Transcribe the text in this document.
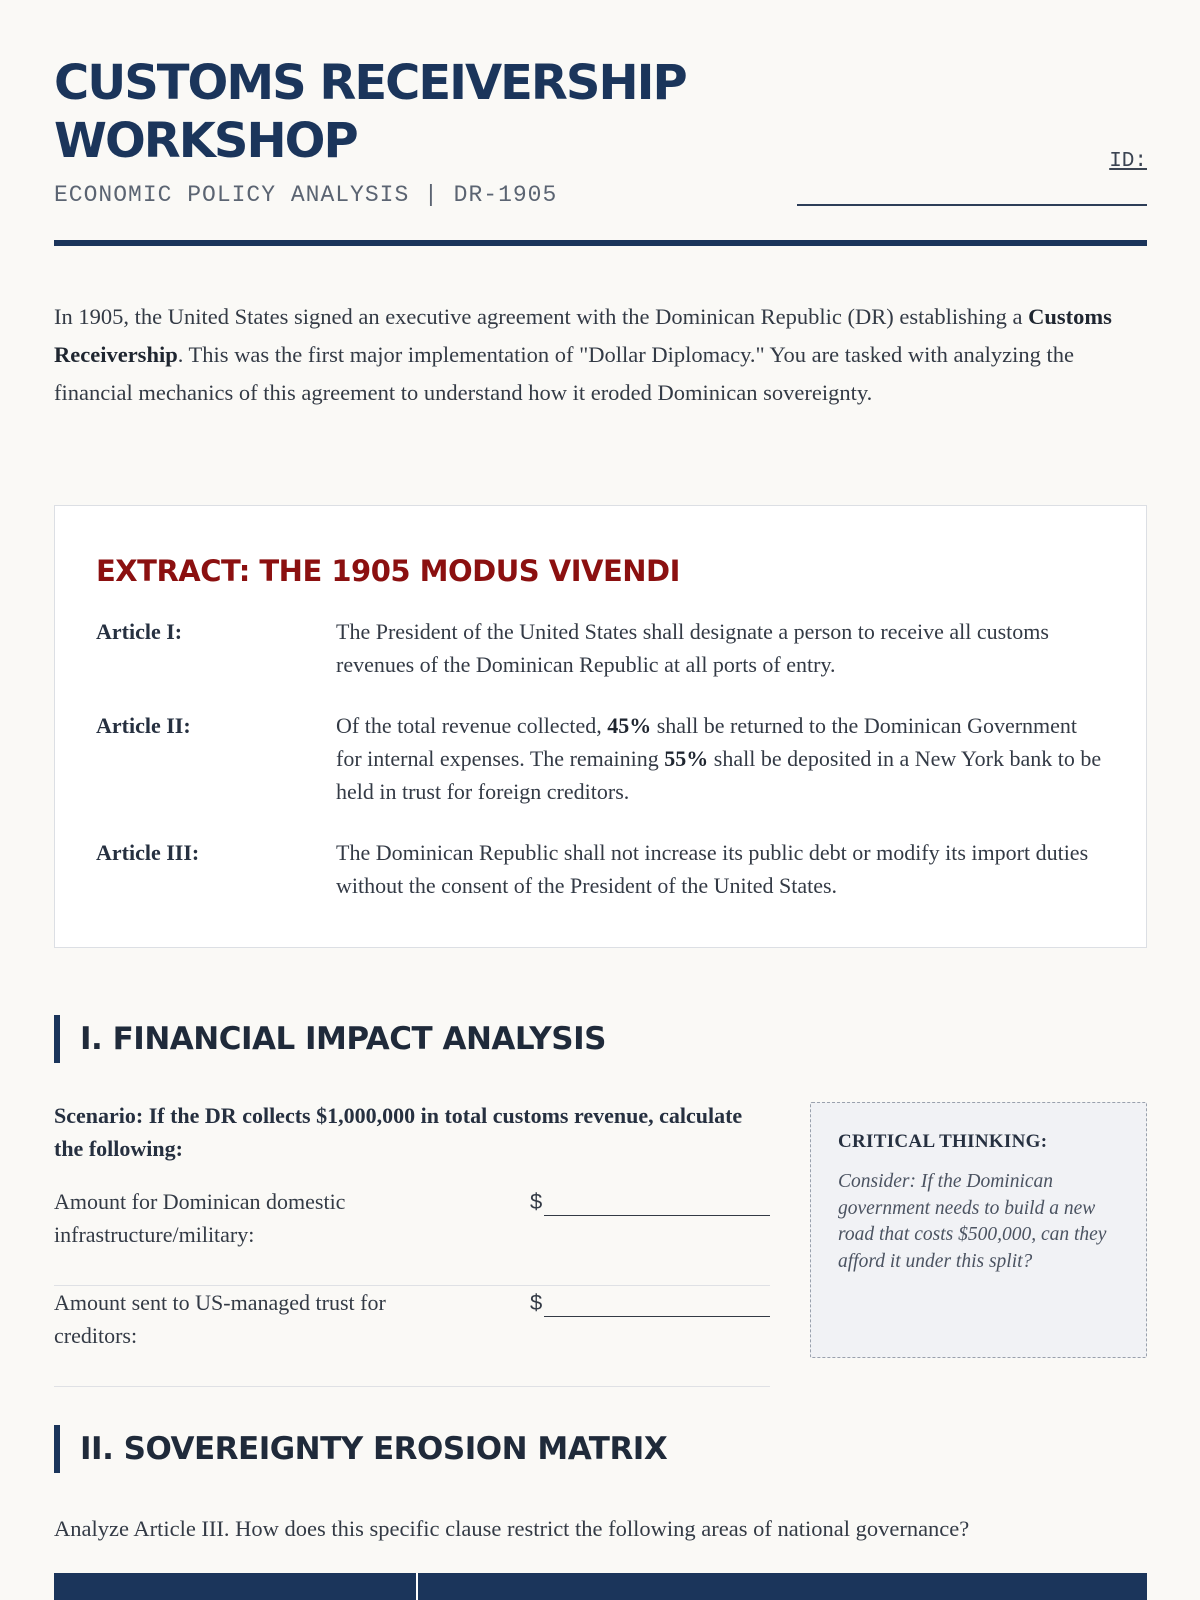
CUSTOMS RECEIVERSHIP WORKSHOP
ECONOMIC POLICY ANALYSIS | DR-1905
ID:

In 1905, the United States signed an executive agreement with the Dominican Republic (DR) establishing a Customs Receivership. This was the first major implementation of "Dollar Diplomacy." You are tasked with analyzing the financial mechanics of this agreement to understand how it eroded Dominican sovereignty.

EXTRACT: THE 1905 MODUS VIVENDI
Article I:	The President of the United States shall designate a person to receive all customs revenues of the Dominican Republic at all ports of entry.
Article II:	Of the total revenue collected, 45% shall be returned to the Dominican Government for internal expenses. The remaining 55% shall be deposited in a New York bank to be held in trust for foreign creditors.
Article III:	The Dominican Republic shall not increase its public debt or modify its import duties without the consent of the President of the United States.
I. FINANCIAL IMPACT ANALYSIS
Scenario: If the DR collects $1,000,000 in total customs revenue, calculate the following:
Amount for Dominican domestic infrastructure/military:
$
Amount sent to US-managed trust for creditors:
$
CRITICAL THINKING:
Consider: If the Dominican government needs to build a new road that costs $500,000, can they afford it under this split?
II. SOVEREIGNTY EROSION MATRIX
Analyze Article III. How does this specific clause restrict the following areas of national governance?
